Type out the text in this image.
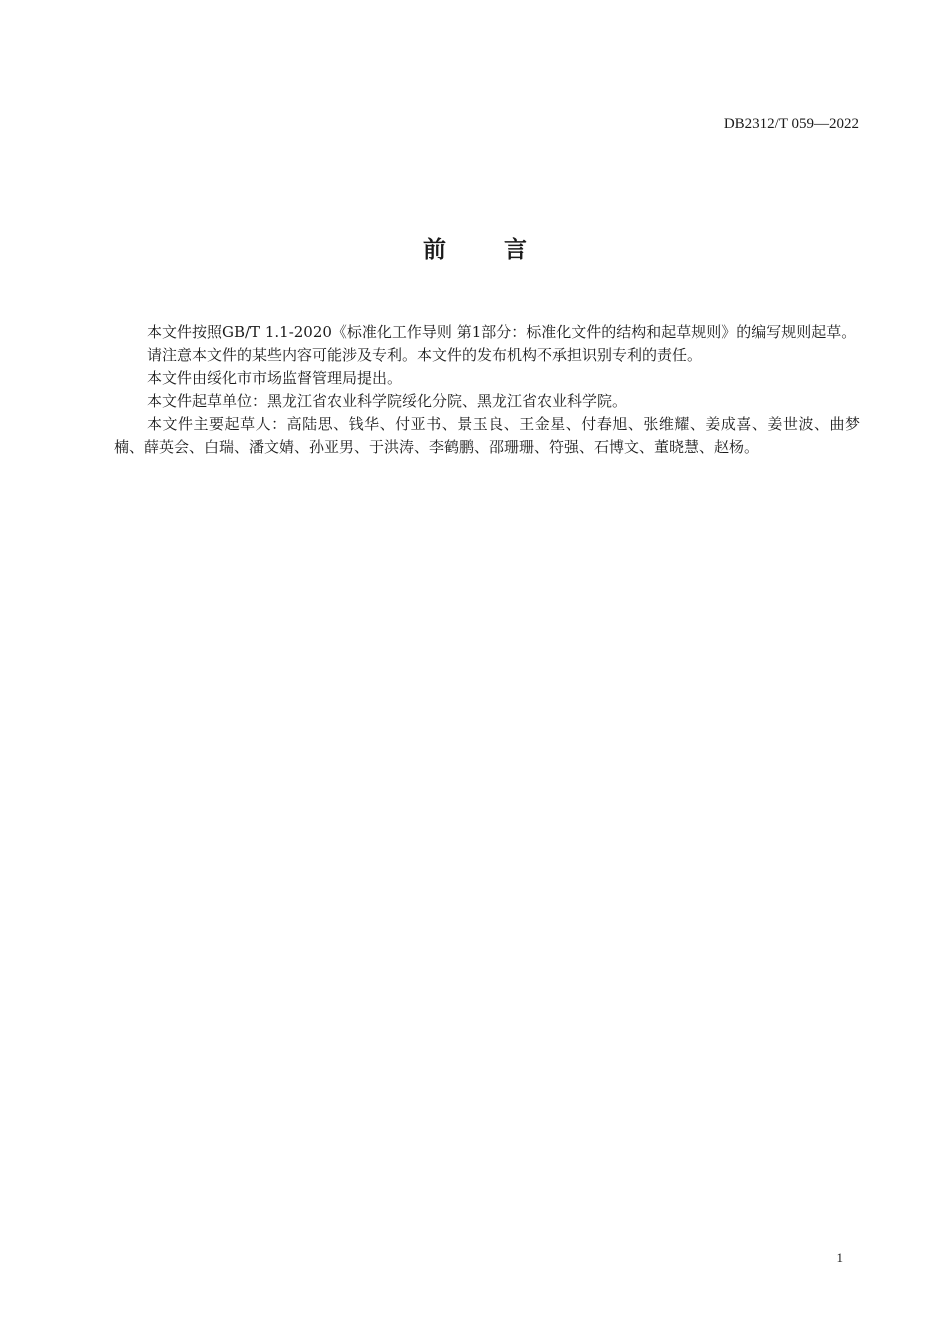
DB2312/T 059—2022
前言

本文件按照GB/T 1.1-2020《标准化工作导则 第1部分：标准化文件的结构和起草规则》的编写规则起草。

请注意本文件的某些内容可能涉及专利。本文件的发布机构不承担识别专利的责任。

本文件由绥化市市场监督管理局提出。

本文件起草单位：黑龙江省农业科学院绥化分院、黑龙江省农业科学院。

本文件主要起草人：高陆思、钱华、付亚书、景玉良、王金星、付春旭、张维耀、姜成喜、姜世波、曲梦楠、薛英会、白瑞、潘文婧、孙亚男、于洪涛、李鹤鹏、邵珊珊、符强、石博文、董晓慧、赵杨。

1
